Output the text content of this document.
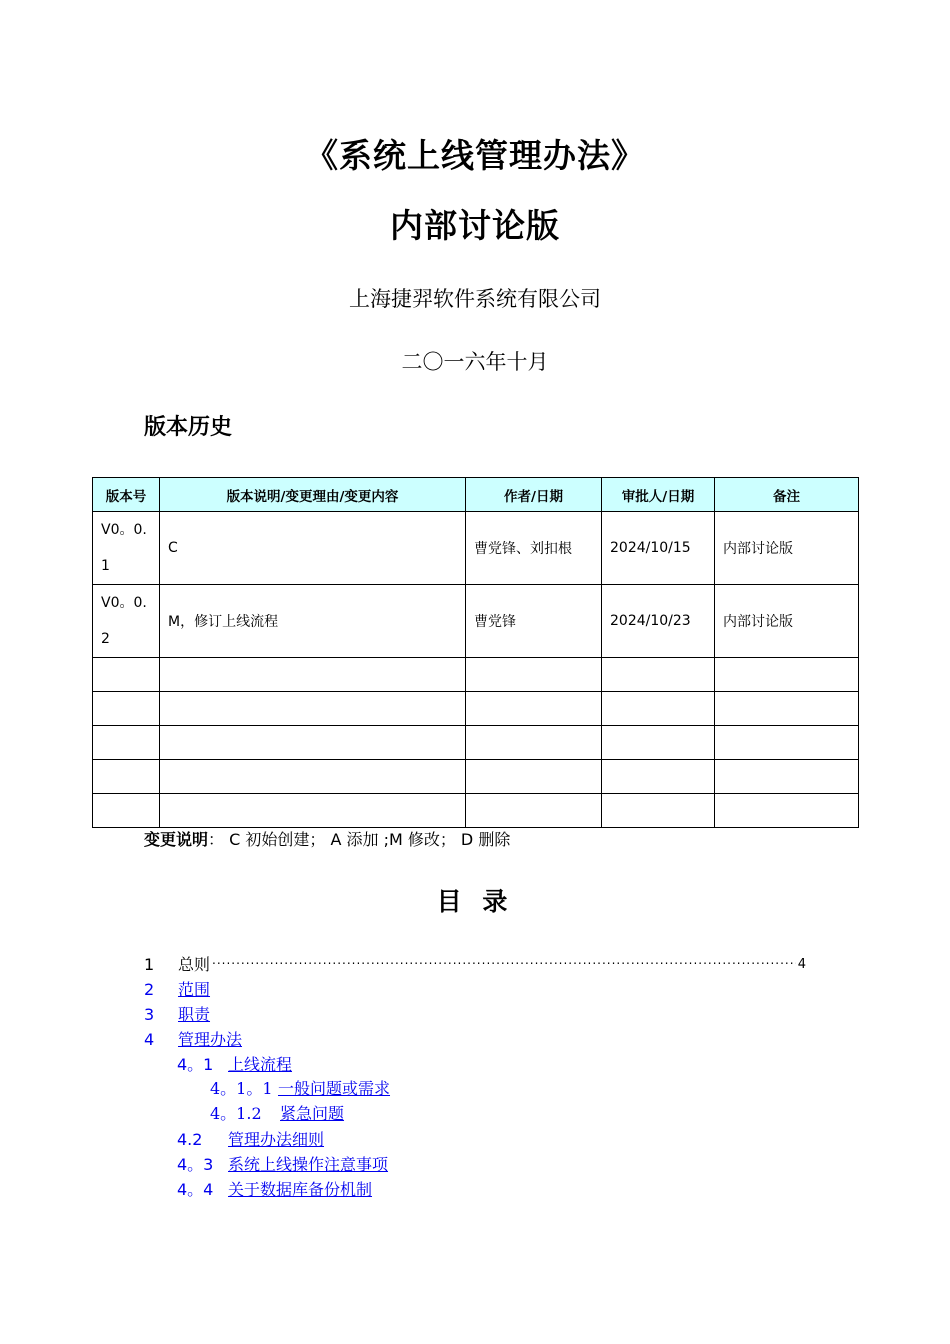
《系统上线管理办法》
内部讨论版
上海捷羿软件系统有限公司
二〇一六年十月
版本历史
版本号	版本说明/变更理由/变更内容	作者/日期	审批人/日期	备注
V0。0.1	C	曹党锋、刘扣根	2024/10/15	内部讨论版
V0。0.2	M，修订上线流程	曹党锋	2024/10/23	内部讨论版

变更说明： C 初始创建； A 添加 ;M 修改； D 删除
目 录
1	总则 .....	4
2 范围
3 职责
4 管理办法
4。1 上线流程
4。1。1 一般问题或需求
4。1.2 紧急问题
4.2 管理办法细则
4。3 系统上线操作注意事项
4。4 关于数据库备份机制
